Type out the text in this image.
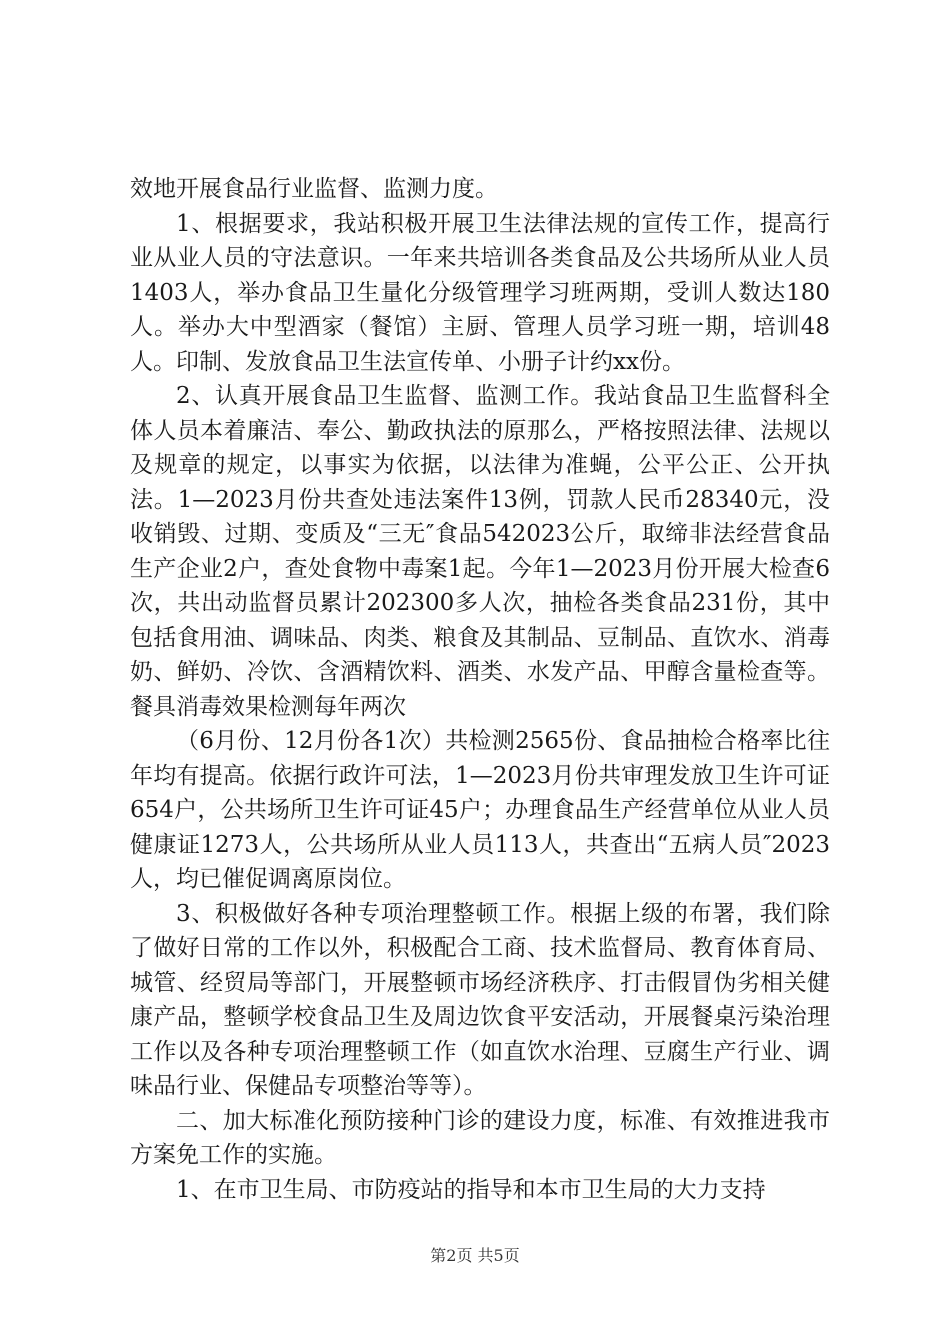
效地开展食品行业监督、监测力度。

1、根据要求，我站积极开展卫生法律法规的宣传工作，提高行业从业人员的守法意识。一年来共培训各类食品及公共场所从业人员1403人，举办食品卫生量化分级管理学习班两期，受训人数达180人。举办大中型酒家（餐馆）主厨、管理人员学习班一期，培训48人。印制、发放食品卫生法宣传单、小册子计约xx份。

2、认真开展食品卫生监督、监测工作。我站食品卫生监督科全体人员本着廉洁、奉公、勤政执法的原那么，严格按照法律、法规以及规章的规定，以事实为依据，以法律为准蝇，公平公正、公开执法。1—2023月份共查处违法案件13例，罚款人民币28340元，没收销毁、过期、变质及“三无″食品542023公斤，取缔非法经营食品生产企业2户，查处食物中毒案1起。今年1—2023月份开展大检查6次，共出动监督员累计202300多人次，抽检各类食品231份，其中包括食用油、调味品、肉类、粮食及其制品、豆制品、直饮水、消毒奶、鲜奶、冷饮、含酒精饮料、酒类、水发产品、甲醇含量检查等。餐具消毒效果检测每年两次

（6月份、12月份各1次）共检测2565份、食品抽检合格率比往年均有提高。依据行政许可法，1—2023月份共审理发放卫生许可证654户，公共场所卫生许可证45户；办理食品生产经营单位从业人员健康证1273人，公共场所从业人员113人，共查出“五病人员″2023人，均已催促调离原岗位。

3、积极做好各种专项治理整顿工作。根据上级的布署，我们除了做好日常的工作以外，积极配合工商、技术监督局、教育体育局、城管、经贸局等部门，开展整顿市场经济秩序、打击假冒伪劣相关健康产品，整顿学校食品卫生及周边饮食平安活动，开展餐桌污染治理工作以及各种专项治理整顿工作（如直饮水治理、豆腐生产行业、调味品行业、保健品专项整治等等）。

二、加大标准化预防接种门诊的建设力度，标准、有效推进我市方案免工作的实施。

1、在市卫生局、市防疫站的指导和本市卫生局的大力支持

第2页 共5页
